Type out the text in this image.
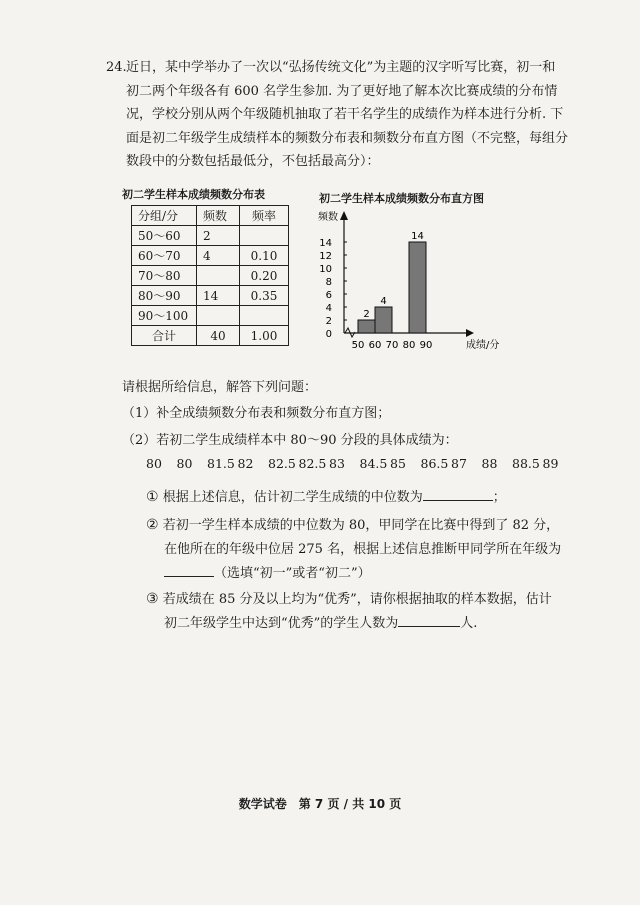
24. 近日，某中学举办了一次以“弘扬传统文化”为主题的汉字听写比赛，初一和
初二两个年级各有 600 名学生参加. 为了更好地了解本次比赛成绩的分布情
况，学校分别从两个年级随机抽取了若干名学生的成绩作为样本进行分析. 下
面是初二年级学生成绩样本的频数分布表和频数分布直方图（不完整，每组分
数段中的分数包括最低分，不包括最高分）：

初二学生样本成绩频数分布表
分组/分	频数	频率
50～60	2	
60～70	4	0.10
70～80		0.20
80～90	14	0.35
90～100		
合计	40	1.00
初二学生样本成绩频数分布直方图
频数
0
2
4
6
8
10
12
14
2
4
14
50 60 70 80 90	成绩/分
请根据所给信息，解答下列问题：
（1）补全成绩频数分布表和频数分布直方图；
（2）若初二学生成绩样本中 80～90 分段的具体成绩为：
80 80 81.5 82 82.5 82.5 83 84.5 85 86.5 87 88 88.5 89
① 根据上述信息，估计初二学生成绩的中位数为	；
② 若初一学生样本成绩的中位数为 80，甲同学在比赛中得到了 82 分，
在他所在的年级中位居 275 名，根据上述信息推断甲同学所在年级为
（选填“初一”或者“初二”）
③ 若成绩在 85 分及以上均为“优秀”，请你根据抽取的样本数据，估计
初二年级学生中达到“优秀”的学生人数为	人.
数学试卷　第 7 页 / 共 10 页
